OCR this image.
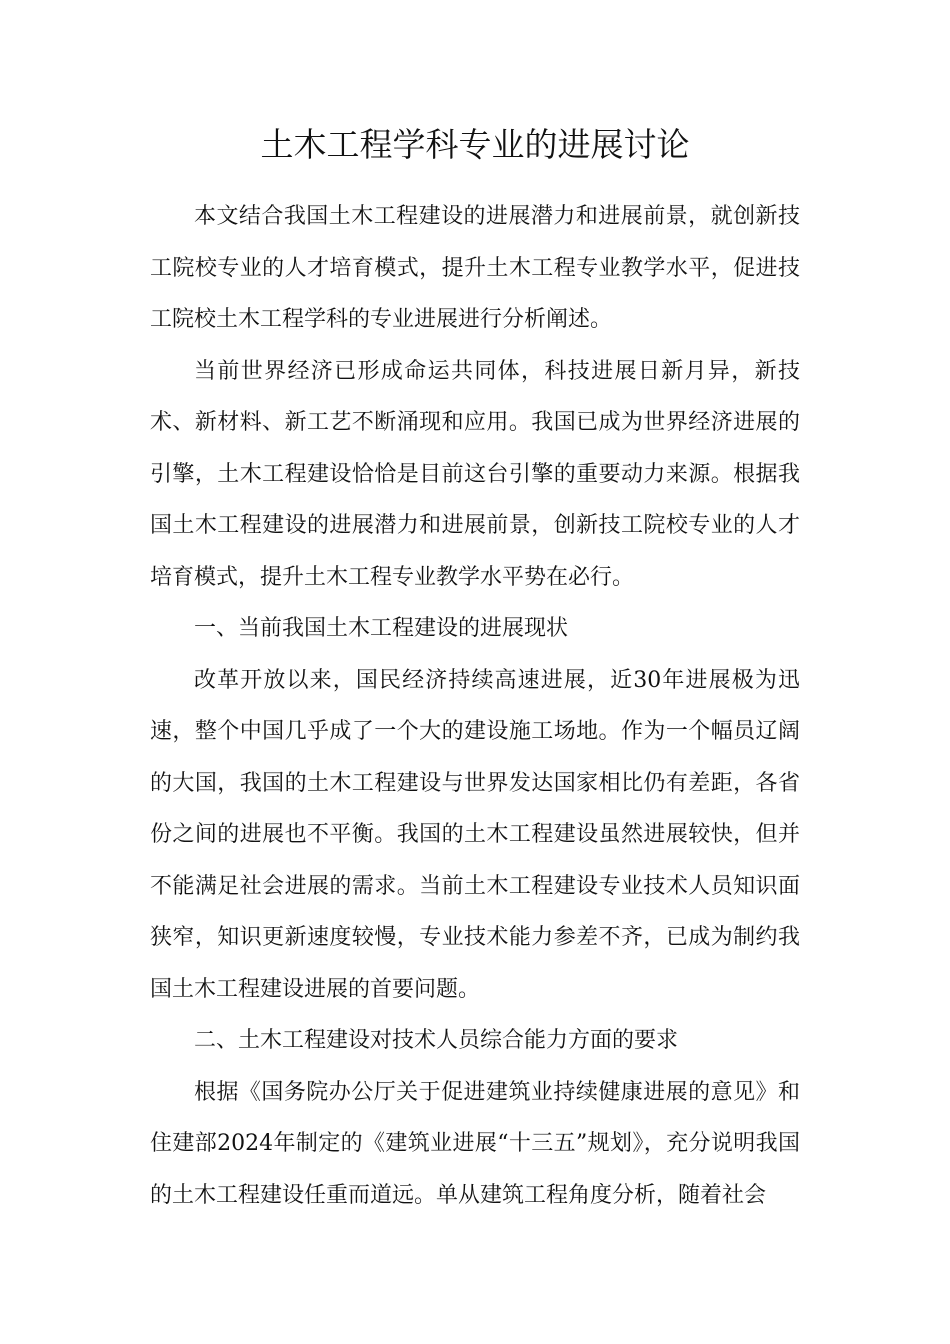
土木工程学科专业的进展讨论

本文结合我国土木工程建设的进展潜力和进展前景，就创新技工院校专业的人才培育模式，提升土木工程专业教学水平，促进技工院校土木工程学科的专业进展进行分析阐述。

当前世界经济已形成命运共同体，科技进展日新月异，新技术、新材料、新工艺不断涌现和应用。我国已成为世界经济进展的引擎，土木工程建设恰恰是目前这台引擎的重要动力来源。根据我国土木工程建设的进展潜力和进展前景，创新技工院校专业的人才培育模式，提升土木工程专业教学水平势在必行。

一、当前我国土木工程建设的进展现状

改革开放以来，国民经济持续高速进展，近30年进展极为迅速，整个中国几乎成了一个大的建设施工场地。作为一个幅员辽阔的大国，我国的土木工程建设与世界发达国家相比仍有差距，各省份之间的进展也不平衡。我国的土木工程建设虽然进展较快，但并不能满足社会进展的需求。当前土木工程建设专业技术人员知识面狭窄，知识更新速度较慢，专业技术能力参差不齐，已成为制约我国土木工程建设进展的首要问题。

二、土木工程建设对技术人员综合能力方面的要求

根据《国务院办公厅关于促进建筑业持续健康进展的意见》和住建部2024年制定的《建筑业进展“十三五”规划》，充分说明我国的土木工程建设任重而道远。单从建筑工程角度分析，随着社会
